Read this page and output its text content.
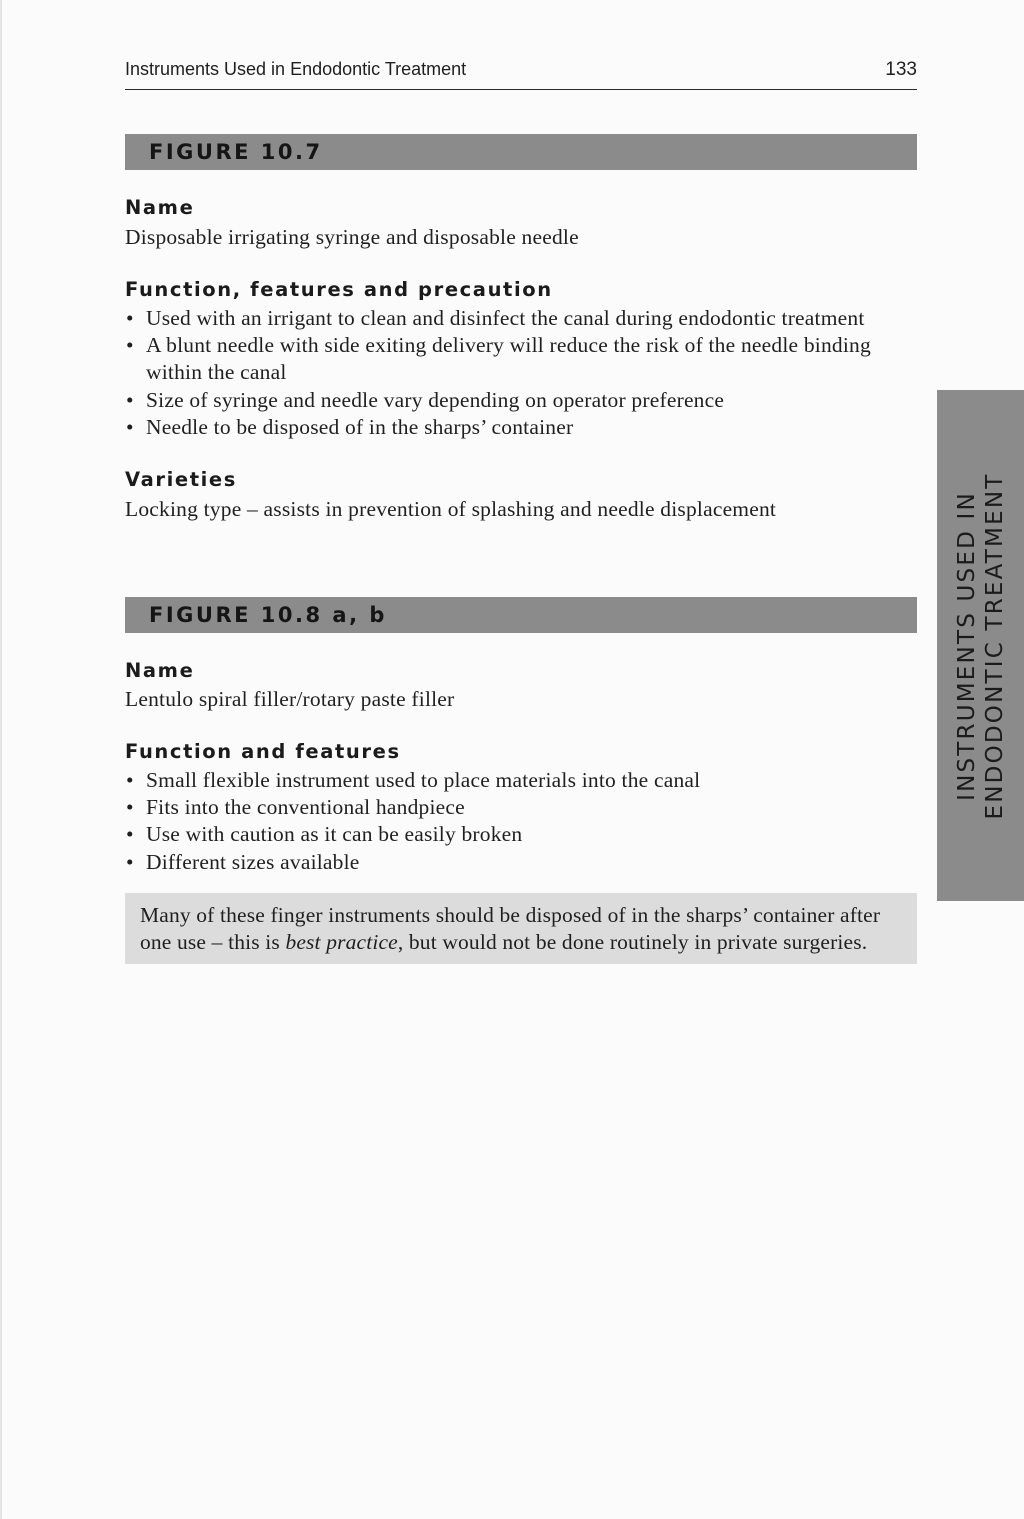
Instruments Used in Endodontic Treatment	133
FIGURE 10.7
Name
Disposable irrigating syringe and disposable needle
Function, features and precaution
• Used with an irrigant to clean and disinfect the canal during endodontic treatment
• A blunt needle with side exiting delivery will reduce the risk of the needle binding within the canal
• Size of syringe and needle vary depending on operator preference
• Needle to be disposed of in the sharps’ container
Varieties
Locking type – assists in prevention of splashing and needle displacement
FIGURE 10.8 a, b
Name
Lentulo spiral filler/rotary paste filler
Function and features
• Small flexible instrument used to place materials into the canal
• Fits into the conventional handpiece
• Use with caution as it can be easily broken
• Different sizes available
Many of these finger instruments should be disposed of in the sharps’ container after one use – this is best practice, but would not be done routinely in private surgeries.
INSTRUMENTS USED IN ENDODONTIC TREATMENT
